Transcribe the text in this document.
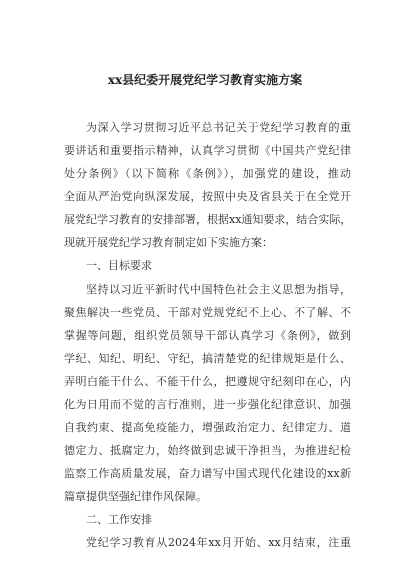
xx县纪委开展党纪学习教育实施方案
为深入学习贯彻习近平总书记关于党纪学习教育的重
要讲话和重要指示精神，认真学习贯彻《中国共产党纪律
处分条例》（以下简称《条例》），加强党的建设，推动
全面从严治党向纵深发展，按照中央及省县关于在全党开
展党纪学习教育的安排部署，根据xx通知要求，结合实际，
现就开展党纪学习教育制定如下实施方案：
一、目标要求
坚持以习近平新时代中国特色社会主义思想为指导，
聚焦解决一些党员、干部对党规党纪不上心、不了解、不
掌握等问题，组织党员领导干部认真学习《条例》，做到
学纪、知纪、明纪、守纪，搞清楚党的纪律规矩是什么、
弄明白能干什么、不能干什么，把遵规守纪刻印在心，内
化为日用而不觉的言行准则，进一步强化纪律意识、加强
自我约束、提高免疫能力，增强政治定力、纪律定力、道
德定力、抵腐定力，始终做到忠诚干净担当，为推进纪检
监察工作高质量发展，奋力谱写中国式现代化建设的xx新
篇章提供坚强纪律作风保障。
二、工作安排
党纪学习教育从2024年xx月开始、xx月结束，注重
